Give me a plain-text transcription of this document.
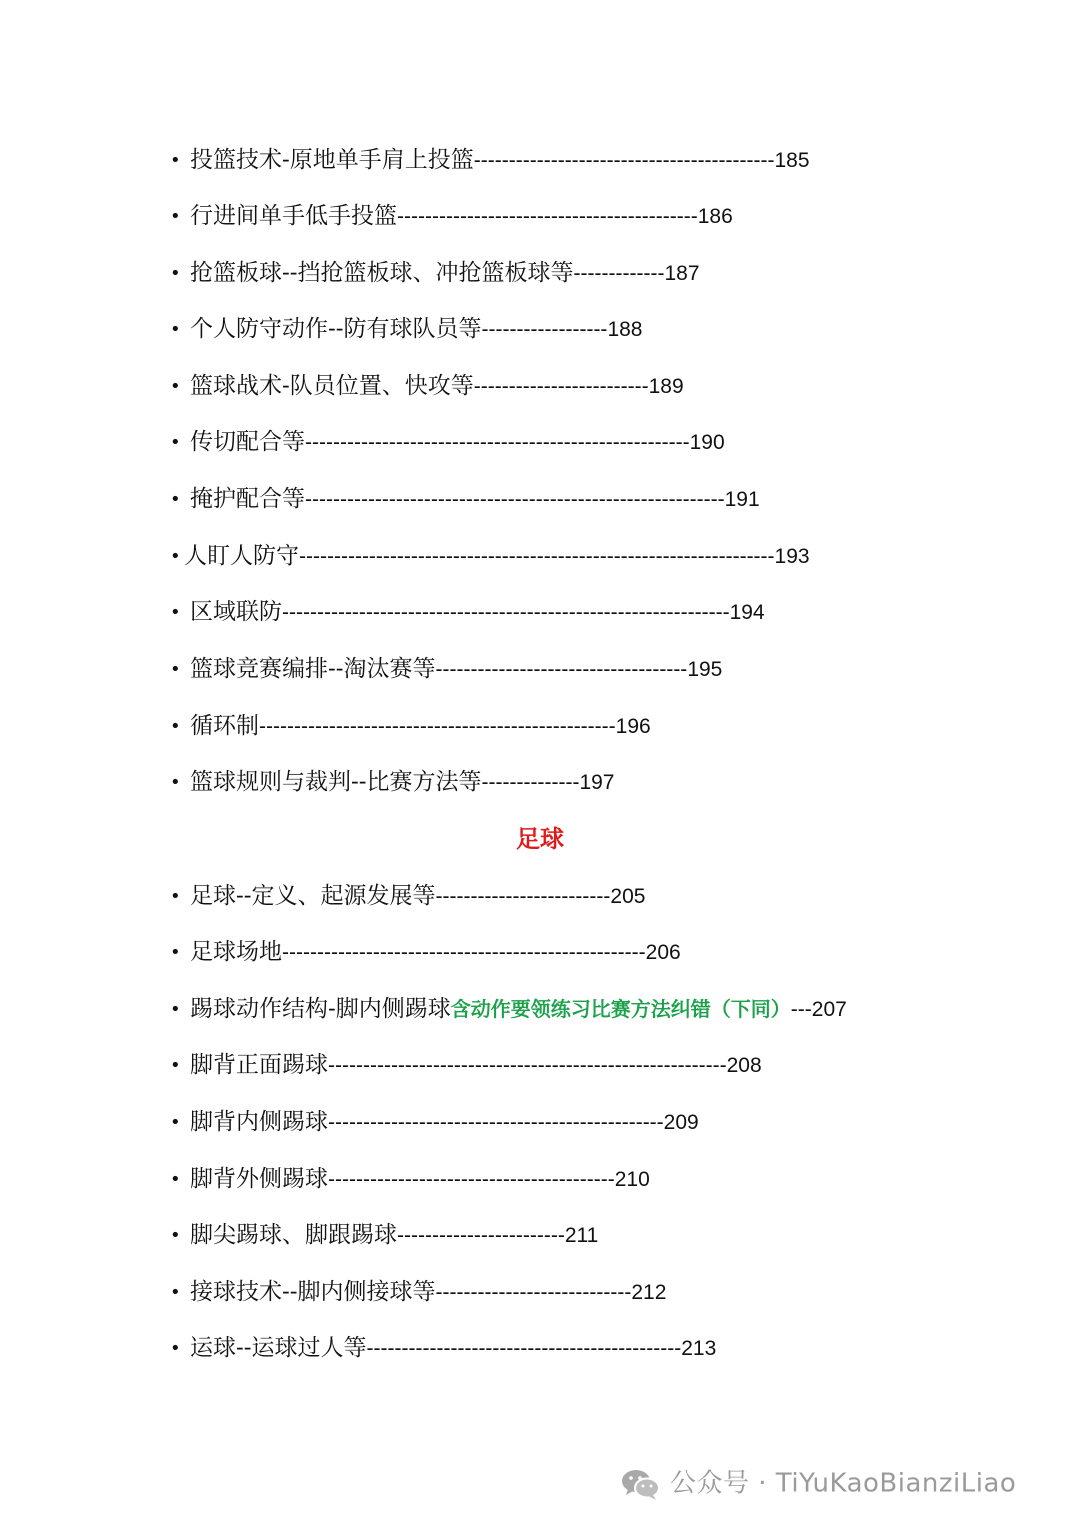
• 投篮技术-原地单手肩上投篮-------------------------------------------185
• 行进间单手低手投篮-------------------------------------------186
• 抢篮板球--挡抢篮板球、冲抢篮板球等-------------187
• 个人防守动作--防有球队员等------------------188
• 篮球战术-队员位置、快攻等-------------------------189
• 传切配合等-------------------------------------------------------190
• 掩护配合等------------------------------------------------------------191
• 人盯人防守--------------------------------------------------------------------193
• 区域联防----------------------------------------------------------------194
• 篮球竞赛编排--淘汰赛等------------------------------------195
• 循环制---------------------------------------------------196
• 篮球规则与裁判--比赛方法等--------------197
足球
• 足球--定义、起源发展等-------------------------205
• 足球场地----------------------------------------------------206
• 踢球动作结构-脚内侧踢球含动作要领练习比赛方法纠错（下同）---207
• 脚背正面踢球---------------------------------------------------------208
• 脚背内侧踢球------------------------------------------------209
• 脚背外侧踢球-----------------------------------------210
• 脚尖踢球、脚跟踢球------------------------211
• 接球技术--脚内侧接球等----------------------------212
• 运球--运球过人等---------------------------------------------213
公众号 · TiYuKaoBianziLiao
